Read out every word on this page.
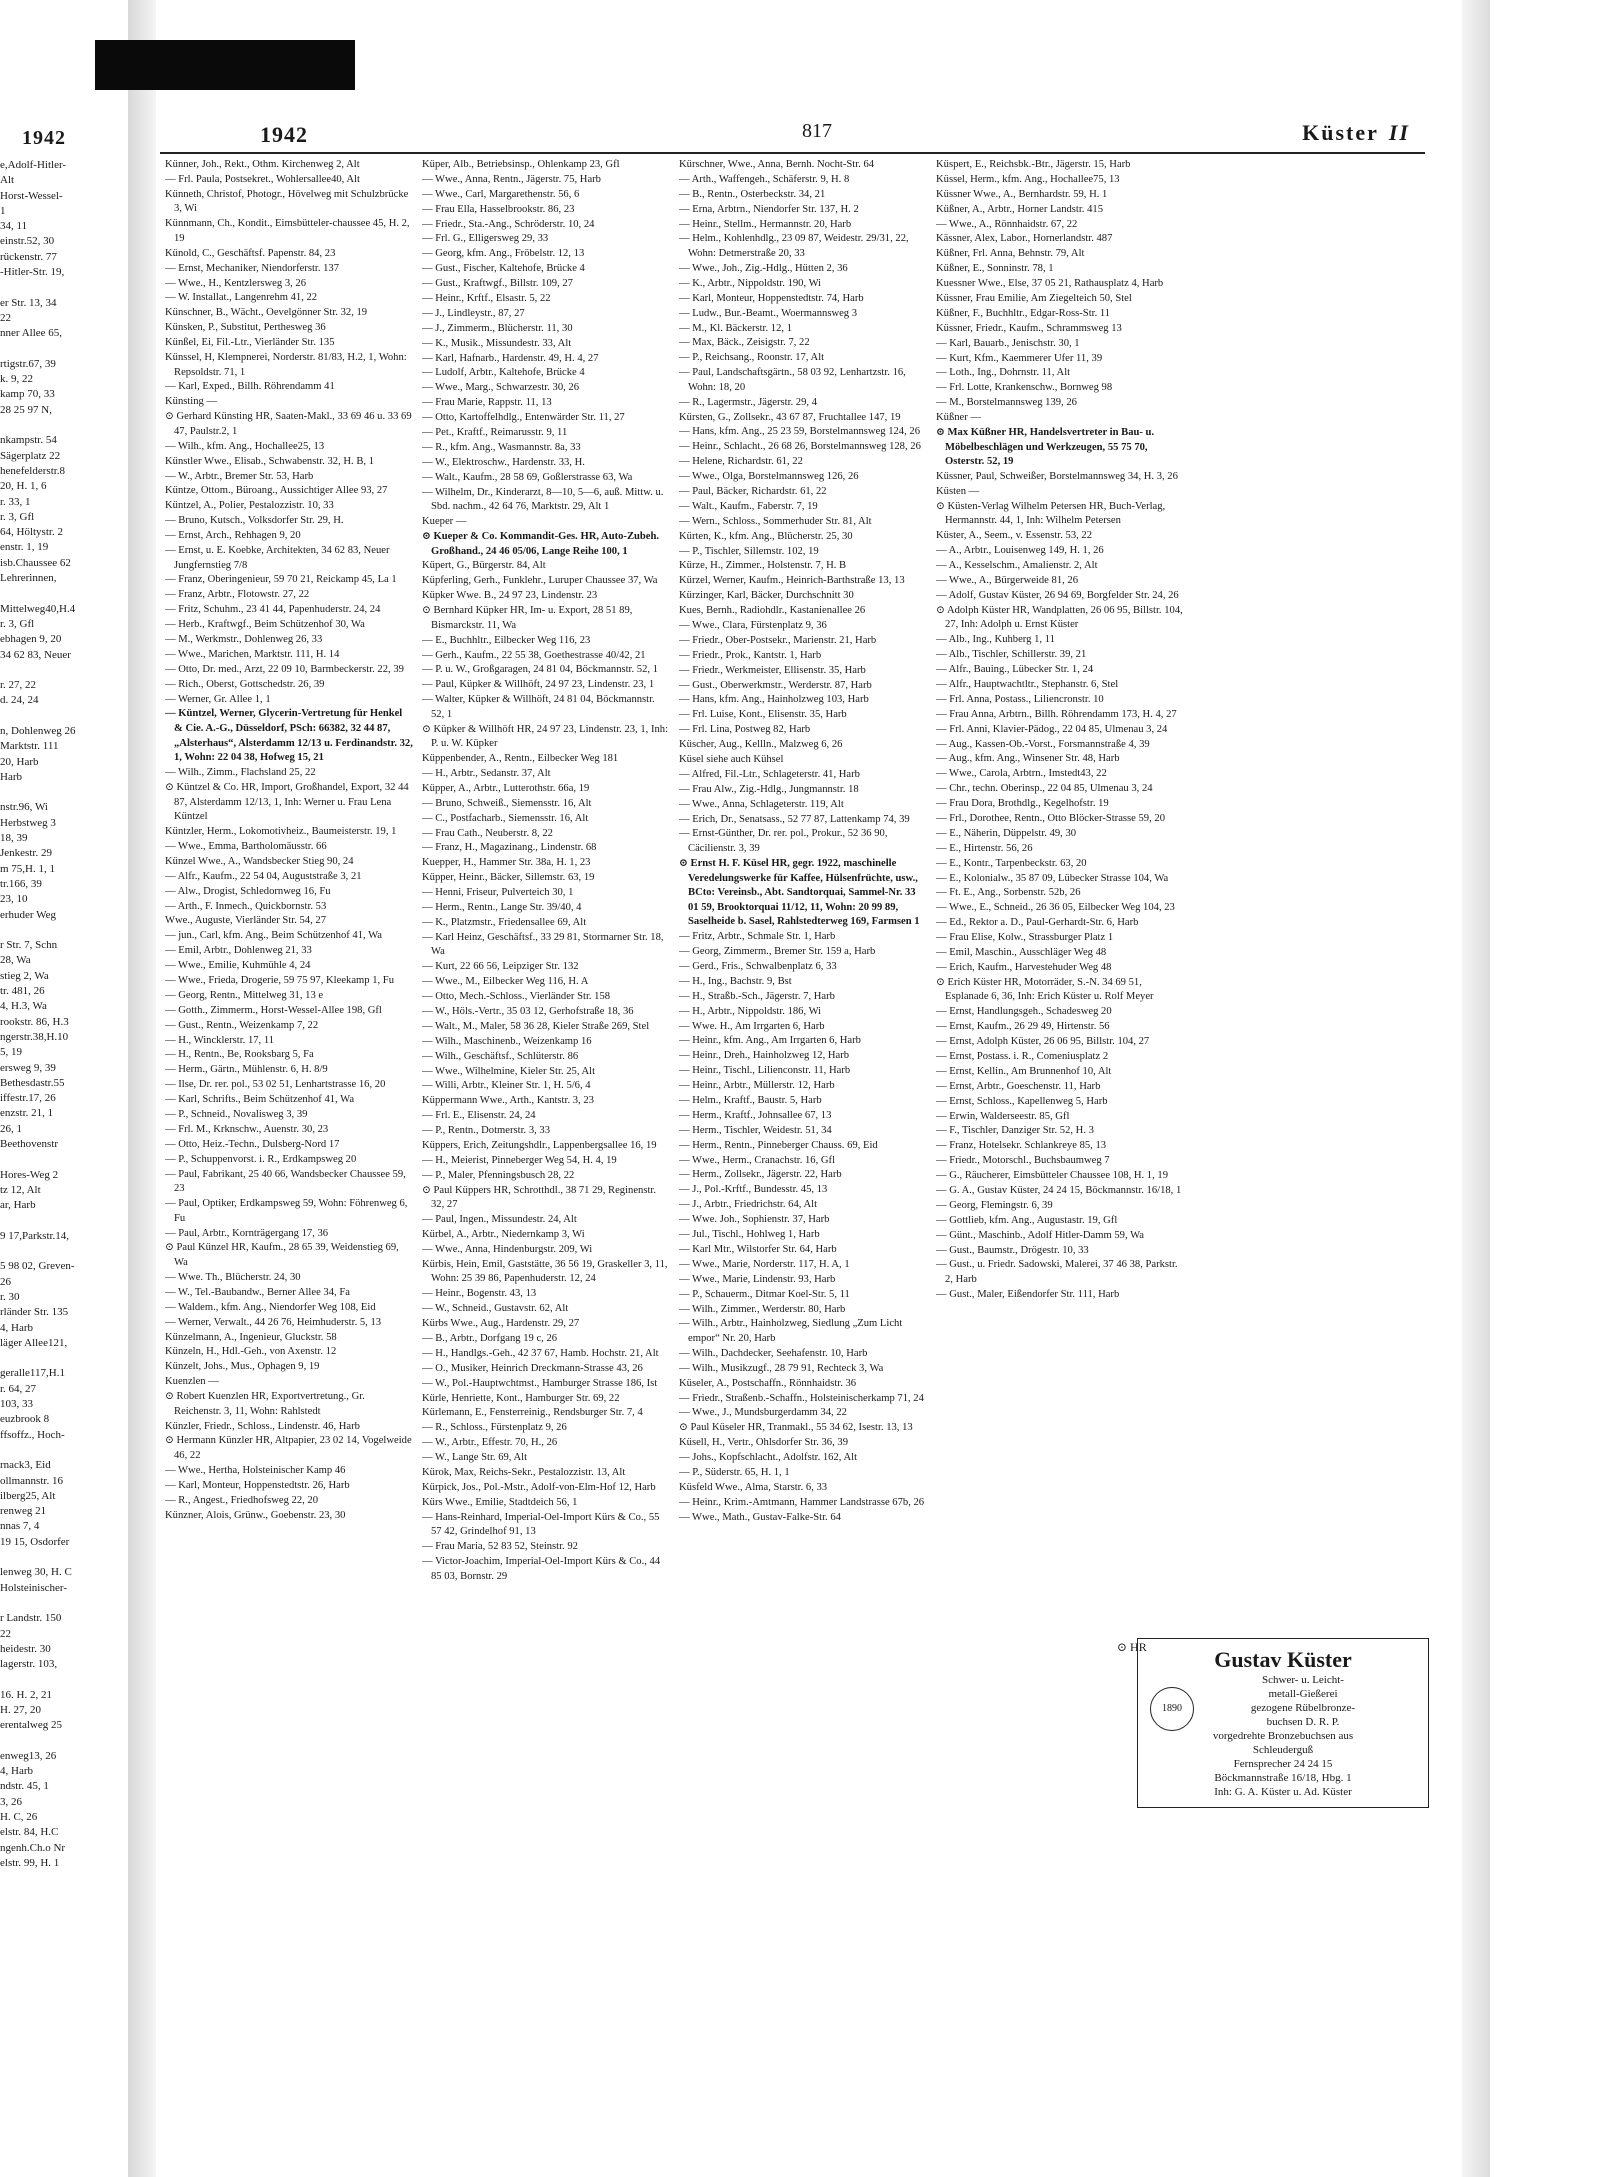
1942
e,Adolf-Hitler-
Alt
Horst-Wessel-
1
34, 11
einstr.52, 30
rückenstr. 77
-Hitler-Str. 19,

er Str. 13, 34
22
nner Allee 65,

rtigstr.67, 39
k. 9, 22
kamp 70, 33
28 25 97 N,

nkampstr. 54
Sägerplatz 22
henefelderstr.8
20, H. 1, 6
r. 33, 1
r. 3, Gfl
64, Höltystr. 2
enstr. 1, 19
isb.Chaussee 62
Lehrerinnen,

Mittelweg40,H.4
r. 3, Gfl
ebhagen 9, 20
34 62 83, Neuer

r. 27, 22
d. 24, 24

n, Dohlenweg 26
Marktstr. 111
20, Harb
Harb

nstr.96, Wi
Herbstweg 3
18, 39
Jenkestr. 29
m 75,H. 1, 1
tr.166, 39
23, 10
erhuder Weg

r Str. 7, Schn
28, Wa
stieg 2, Wa
tr. 481, 26
4, H.3, Wa
rookstr. 86, H.3
ngerstr.38,H.10
5, 19
ersweg 9, 39
Bethesdastr.55
iffestr.17, 26
enzstr. 21, 1
26, 1
Beethovenstr

Hores-Weg 2
tz 12, Alt
ar, Harb

9 17,Parkstr.14,

5 98 02, Greven-
26
r. 30
rländer Str. 135
4, Harb
läger Allee121,

geralle117,H.1
r. 64, 27
103, 33
euzbrook 8
ffsoffz., Hoch-

rnack3, Eid
ollmannstr. 16
ilberg25, Alt
renweg 21
nnas 7, 4
19 15, Osdorfer

lenweg 30, H. C
Holsteinischer-

r Landstr. 150
22
heidestr. 30
lagerstr. 103,

16. H. 2, 21
H. 27, 20
erentalweg 25

enweg13, 26
4, Harb
ndstr. 45, 1
3, 26
H. C, 26
elstr. 84, H.C
ngenh.Ch.o Nr
elstr. 99, H. 1
1942	817	Küster II
Künner, Joh., Rekt., Othm. Kirchenweg 2, Alt
— Frl. Paula, Postsekret., Wohlersallee40, Alt
Künneth, Christof, Photogr., Hövelweg mit Schulzbrücke 3, Wi
Künnmann, Ch., Kondit., Eimsbütteler-chaussee 45, H. 2, 19
Künold, C., Geschäftsf. Papenstr. 84, 23
— Ernst, Mechaniker, Niendorferstr. 137
— Wwe., H., Kentzlersweg 3, 26
— W. Installat., Langenrehm 41, 22
Künschner, B., Wächt., Oevelgönner Str. 32, 19
Künsken, P., Substitut, Perthesweg 36
Künßel, Ei, Fil.-Ltr., Vierländer Str. 135
Künssel, H, Klempnerei, Norderstr. 81/83, H.2, 1, Wohn: Repsoldstr. 71, 1
— Karl, Exped., Billh. Röhrendamm 41
Künsting —
⊙ Gerhard Künsting HR, Saaten-Makl., 33 69 46 u. 33 69 47, Paulstr.2, 1
— Wilh., kfm. Ang., Hochallee25, 13
Künstler Wwe., Elisab., Schwabenstr. 32, H. B, 1
— W., Arbtr., Bremer Str. 53, Harb
Küntze, Ottom., Büroang., Aussichtiger Allee 93, 27
Küntzel, A., Polier, Pestalozzistr. 10, 33
— Bruno, Kutsch., Volksdorfer Str. 29, H.
— Ernst, Arch., Rehhagen 9, 20
— Ernst, u. E. Koebke, Architekten, 34 62 83, Neuer Jungfernstieg 7/8
— Franz, Oberingenieur, 59 70 21, Reickamp 45, La 1
— Franz, Arbtr., Flotowstr. 27, 22
— Fritz, Schuhm., 23 41 44, Papenhuderstr. 24, 24
— Herb., Kraftwgf., Beim Schützenhof 30, Wa
— M., Werkmstr., Dohlenweg 26, 33
— Wwe., Marichen, Marktstr. 111, H. 14
— Otto, Dr. med., Arzt, 22 09 10, Barmbeckerstr. 22, 39
— Rich., Oberst, Gottschedstr. 26, 39
— Werner, Gr. Allee 1, 1
— Küntzel, Werner, Glycerin-Vertretung für Henkel & Cie. A.-G., Düsseldorf, PSch: 66382, 32 44 87, „Alsterhaus“, Alsterdamm 12/13 u. Ferdinandstr. 32, 1, Wohn: 22 04 38, Hofweg 15, 21
— Wilh., Zimm., Flachsland 25, 22
⊙ Küntzel & Co. HR, Import, Großhandel, Export, 32 44 87, Alsterdamm 12/13, 1, Inh: Werner u. Frau Lena Küntzel
Küntzler, Herm., Lokomotivheiz., Baumeisterstr. 19, 1
— Wwe., Emma, Bartholomäusstr. 66
Künzel Wwe., A., Wandsbecker Stieg 90, 24
— Alfr., Kaufm., 22 54 04, Auguststraße 3, 21
— Alw., Drogist, Schledornweg 16, Fu
— Arth., F. Inmech., Quickbornstr. 53
Wwe., Auguste, Vierländer Str. 54, 27
— jun., Carl, kfm. Ang., Beim Schützenhof 41, Wa
— Emil, Arbtr., Dohlenweg 21, 33
— Wwe., Emilie, Kuhmühle 4, 24
— Wwe., Frieda, Drogerie, 59 75 97, Kleekamp 1, Fu
— Georg, Rentn., Mittelweg 31, 13 e
— Gotth., Zimmerm., Horst-Wessel-Allee 198, Gfl
— Gust., Rentn., Weizenkamp 7, 22
— H., Wincklerstr. 17, 11
— H., Rentn., Be, Rooksbarg 5, Fa
— Herm., Gärtn., Mühlenstr. 6, H. 8/9
— Ilse, Dr. rer. pol., 53 02 51, Lenhartstrasse 16, 20
— Karl, Schrifts., Beim Schützenhof 41, Wa
— P., Schneid., Novalisweg 3, 39
— Frl. M., Krknschw., Auenstr. 30, 23
— Otto, Heiz.-Techn., Dulsberg-Nord 17
— P., Schuppenvorst. i. R., Erdkampsweg 20
— Paul, Fabrikant, 25 40 66, Wandsbecker Chaussee 59, 23
— Paul, Optiker, Erdkampsweg 59, Wohn: Föhrenweg 6, Fu
— Paul, Arbtr., Kornträgergang 17, 36
⊙ Paul Künzel HR, Kaufm., 28 65 39, Weidenstieg 69, Wa
— Wwe. Th., Blücherstr. 24, 30
— W., Tel.-Baubandw., Berner Allee 34, Fa
— Waldem., kfm. Ang., Niendorfer Weg 108, Eid
— Werner, Verwalt., 44 26 76, Heimhuderstr. 5, 13
Künzelmann, A., Ingenieur, Gluckstr. 58
Künzeln, H., Hdl.-Geh., von Axenstr. 12
Künzelt, Johs., Mus., Ophagen 9, 19
Kuenzlen —
⊙ Robert Kuenzlen HR, Exportvertretung., Gr. Reichenstr. 3, 11, Wohn: Rahlstedt
Künzler, Friedr., Schloss., Lindenstr. 46, Harb
⊙ Hermann Künzler HR, Altpapier, 23 02 14, Vogelweide 46, 22
— Wwe., Hertha, Holsteinischer Kamp 46
— Karl, Monteur, Hoppenstedtstr. 26, Harb
— R., Angest., Friedhofsweg 22, 20
Künzner, Alois, Grünw., Goebenstr. 23, 30
Küper, Alb., Betriebsinsp., Ohlenkamp 23, Gfl
— Wwe., Anna, Rentn., Jägerstr. 75, Harb
— Wwe., Carl, Margarethenstr. 56, 6
— Frau Ella, Hasselbrookstr. 86, 23
— Friedr., Sta.-Ang., Schröderstr. 10, 24
— Frl. G., Elligersweg 29, 33
— Georg, kfm. Ang., Fröbelstr. 12, 13
— Gust., Fischer, Kaltehofe, Brücke 4
— Gust., Kraftwgf., Billstr. 109, 27
— Heinr., Krftf., Elsastr. 5, 22
— J., Lindleystr., 87, 27
— J., Zimmerm., Blücherstr. 11, 30
— K., Musik., Missundestr. 33, Alt
— Karl, Hafnarb., Hardenstr. 49, H. 4, 27
— Ludolf, Arbtr., Kaltehofe, Brücke 4
— Wwe., Marg., Schwarzestr. 30, 26
— Frau Marie, Rappstr. 11, 13
— Otto, Kartoffelhdlg., Entenwärder Str. 11, 27
— Pet., Kraftf., Reimarusstr. 9, 11
— R., kfm. Ang., Wasmannstr. 8a, 33
— W., Elektroschw., Hardenstr. 33, H.
— Walt., Kaufm., 28 58 69, Goßlerstrasse 63, Wa
— Wilhelm, Dr., Kinderarzt, 8—10, 5—6, auß. Mittw. u. Sbd. nachm., 42 64 76, Marktstr. 29, Alt 1
Kueper —
⊙ Kueper & Co. Kommandit-Ges. HR, Auto-Zubeh. Großhand., 24 46 05/06, Lange Reihe 100, 1
Küpert, G., Bürgerstr. 84, Alt
Küpferling, Gerh., Funklehr., Luruper Chaussee 37, Wa
Küpker Wwe. B., 24 97 23, Lindenstr. 23
⊙ Bernhard Küpker HR, Im- u. Export, 28 51 89, Bismarckstr. 11, Wa
— E., Buchhltr., Eilbecker Weg 116, 23
— Gerh., Kaufm., 22 55 38, Goethestrasse 40/42, 21
— P. u. W., Großgaragen, 24 81 04, Böckmannstr. 52, 1
— Paul, Küpker & Willhöft, 24 97 23, Lindenstr. 23, 1
— Walter, Küpker & Willhöft, 24 81 04, Böckmannstr. 52, 1
⊙ Küpker & Willhöft HR, 24 97 23, Lindenstr. 23, 1, Inh: P. u. W. Küpker
Küppenbender, A., Rentn., Eilbecker Weg 181
— H., Arbtr., Sedanstr. 37, Alt
Küpper, A., Arbtr., Lutterothstr. 66a, 19
— Bruno, Schweiß., Siemensstr. 16, Alt
— C., Postfacharb., Siemensstr. 16, Alt
— Frau Cath., Neuberstr. 8, 22
— Franz, H., Magazinang., Lindenstr. 68
Kuepper, H., Hammer Str. 38a, H. 1, 23
Küpper, Heinr., Bäcker, Sillemstr. 63, 19
— Henni, Friseur, Pulverteich 30, 1
— Herm., Rentn., Lange Str. 39/40, 4
— K., Platzmstr., Friedensallee 69, Alt
— Karl Heinz, Geschäftsf., 33 29 81, Stormarner Str. 18, Wa
— Kurt, 22 66 56, Leipziger Str. 132
— Wwe., M., Eilbecker Weg 116, H. A
— Otto, Mech.-Schloss., Vierländer Str. 158
— W., Höls.-Vertr., 35 03 12, Gerhofstraße 18, 36
— Walt., M., Maler, 58 36 28, Kieler Straße 269, Stel
— Wilh., Maschinenb., Weizenkamp 16
— Wilh., Geschäftsf., Schlüterstr. 86
— Wwe., Wilhelmine, Kieler Str. 25, Alt
— Willi, Arbtr., Kleiner Str. 1, H. 5/6, 4
Küppermann Wwe., Arth., Kantstr. 3, 23
— Frl. E., Elisenstr. 24, 24
— P., Rentn., Dotmerstr. 3, 33
Küppers, Erich, Zeitungshdlr., Lappenbergsallee 16, 19
— H., Meierist, Pinneberger Weg 54, H. 4, 19
— P., Maler, Pfenningsbusch 28, 22
⊙ Paul Küppers HR, Schrotthdl., 38 71 29, Reginenstr. 32, 27
— Paul, Ingen., Missundestr. 24, Alt
Kürbel, A., Arbtr., Niedernkamp 3, Wi
— Wwe., Anna, Hindenburgstr. 209, Wi
Kürbis, Hein, Emil, Gaststätte, 36 56 19, Graskeller 3, 11, Wohn: 25 39 86, Papenhuderstr. 12, 24
— Heinr., Bogenstr. 43, 13
— W., Schneid., Gustavstr. 62, Alt
Kürbs Wwe., Aug., Hardenstr. 29, 27
— B., Arbtr., Dorfgang 19 c, 26
— H., Handlgs.-Geh., 42 37 67, Hamb. Hochstr. 21, Alt
— O., Musiker, Heinrich Dreckmann-Strasse 43, 26
— W., Pol.-Hauptwchtmst., Hamburger Strasse 186, Ist
Kürle, Henriette, Kont., Hamburger Str. 69, 22
Kürlemann, E., Fensterreinig., Rendsburger Str. 7, 4
— R., Schloss., Fürstenplatz 9, 26
— W., Arbtr., Effestr. 70, H., 26
— W., Lange Str. 69, Alt
Kürok, Max, Reichs-Sekr., Pestalozzistr. 13, Alt
Kürpick, Jos., Pol.-Mstr., Adolf-von-Elm-Hof 12, Harb
Kürs Wwe., Emilie, Stadtdeich 56, 1
— Hans-Reinhard, Imperial-Oel-Import Kürs & Co., 55 57 42, Grindelhof 91, 13
— Frau Maria, 52 83 52, Steinstr. 92
— Victor-Joachim, Imperial-Oel-Import Kürs & Co., 44 85 03, Bornstr. 29
Kürschner, Wwe., Anna, Bernh. Nocht-Str. 64
— Arth., Waffengeh., Schäferstr. 9, H. 8
— B., Rentn., Osterbeckstr. 34, 21
— Erna, Arbtrn., Niendorfer Str. 137, H. 2
— Heinr., Stellm., Hermannstr. 20, Harb
— Helm., Kohlenhdlg., 23 09 87, Weidestr. 29/31, 22, Wohn: Detmerstraße 20, 33
— Wwe., Joh., Zig.-Hdlg., Hütten 2, 36
— K., Arbtr., Nippoldstr. 190, Wi
— Karl, Monteur, Hoppenstedtstr. 74, Harb
— Ludw., Bur.-Beamt., Woermannsweg 3
— M., Kl. Bäckerstr. 12, 1
— Max, Bäck., Zeisigstr. 7, 22
— P., Reichsang., Roonstr. 17, Alt
— Paul, Landschaftsgärtn., 58 03 92, Lenhartzstr. 16, Wohn: 18, 20
— R., Lagermstr., Jägerstr. 29, 4
Kürsten, G., Zollsekr., 43 67 87, Fruchtallee 147, 19
— Hans, kfm. Ang., 25 23 59, Borstelmannsweg 124, 26
— Heinr., Schlacht., 26 68 26, Borstelmannsweg 128, 26
— Helene, Richardstr. 61, 22
— Wwe., Olga, Borstelmannsweg 126, 26
— Paul, Bäcker, Richardstr. 61, 22
— Walt., Kaufm., Faberstr. 7, 19
— Wern., Schloss., Sommerhuder Str. 81, Alt
Kürten, K., kfm. Ang., Blücherstr. 25, 30
— P., Tischler, Sillemstr. 102, 19
Kürze, H., Zimmer., Holstenstr. 7, H. B
Kürzel, Werner, Kaufm., Heinrich-Barthstraße 13, 13
Kürzinger, Karl, Bäcker, Durchschnitt 30
Kues, Bernh., Radiohdlr., Kastanienallee 26
— Wwe., Clara, Fürstenplatz 9, 36
— Friedr., Ober-Postsekr., Marienstr. 21, Harb
— Friedr., Prok., Kantstr. 1, Harb
— Friedr., Werkmeister, Ellisenstr. 35, Harb
— Gust., Oberwerkmstr., Werderstr. 87, Harb
— Hans, kfm. Ang., Hainholzweg 103, Harb
— Frl. Luise, Kont., Elisenstr. 35, Harb
— Frl. Lina, Postweg 82, Harb
Küscher, Aug., Kellln., Malzweg 6, 26
Küsel siehe auch Kühsel
— Alfred, Fil.-Ltr., Schlageterstr. 41, Harb
— Frau Alw., Zig.-Hdlg., Jungmannstr. 18
— Wwe., Anna, Schlageterstr. 119, Alt
— Erich, Dr., Senatsass., 52 77 87, Lattenkamp 74, 39
— Ernst-Günther, Dr. rer. pol., Prokur., 52 36 90, Cäcilienstr. 3, 39
⊙ Ernst H. F. Küsel HR, gegr. 1922, maschinelle Veredelungswerke für Kaffee, Hülsenfrüchte, usw., BCto: Vereinsb., Abt. Sandtorquai, Sammel-Nr. 33 01 59, Brooktorquai 11/12, 11, Wohn: 20 99 89, Saselheide b. Sasel, Rahlstedterweg 169, Farmsen 1
— Fritz, Arbtr., Schmale Str. 1, Harb
— Georg, Zimmerm., Bremer Str. 159 a, Harb
— Gerd., Fris., Schwalbenplatz 6, 33
— H., Ing., Bachstr. 9, Bst
— H., Straßb.-Sch., Jägerstr. 7, Harb
— H., Arbtr., Nippoldstr. 186, Wi
— Wwe. H., Am Irrgarten 6, Harb
— Heinr., kfm. Ang., Am Irrgarten 6, Harb
— Heinr., Dreh., Hainholzweg 12, Harb
— Heinr., Tischl., Lilienconstr. 11, Harb
— Heinr., Arbtr., Müllerstr. 12, Harb
— Helm., Kraftf., Baustr. 5, Harb
— Herm., Kraftf., Johnsallee 67, 13
— Herm., Tischler, Weidestr. 51, 34
— Herm., Rentn., Pinneberger Chauss. 69, Eid
— Wwe., Herm., Cranachstr. 16, Gfl
— Herm., Zollsekr., Jägerstr. 22, Harb
— J., Pol.-Krftf., Bundesstr. 45, 13
— J., Arbtr., Friedrichstr. 64, Alt
— Wwe. Joh., Sophienstr. 37, Harb
— Jul., Tischl., Hohlweg 1, Harb
— Karl Mtr., Wilstorfer Str. 64, Harb
— Wwe., Marie, Norderstr. 117, H. A, 1
— Wwe., Marie, Lindenstr. 93, Harb
— P., Schauerm., Ditmar Koel-Str. 5, 11
— Wilh., Zimmer., Werderstr. 80, Harb
— Wilh., Arbtr., Hainholzweg, Siedlung „Zum Licht empor“ Nr. 20, Harb
— Wilh., Dachdecker, Seehafenstr. 10, Harb
— Wilh., Musikzugf., 28 79 91, Rechteck 3, Wa
Küseler, A., Postschaffn., Rönnhaidstr. 36
— Friedr., Straßenb.-Schaffn., Holsteinischerkamp 71, 24
— Wwe., J., Mundsburgerdamm 34, 22
⊙ Paul Küseler HR, Tranmakl., 55 34 62, Isestr. 13, 13
Küsell, H., Vertr., Ohlsdorfer Str. 36, 39
— Johs., Kopfschlacht., Adolfstr. 162, Alt
— P., Süderstr. 65, H. 1, 1
Küsfeld Wwe., Alma, Starstr. 6, 33
— Heinr., Krim.-Amtmann, Hammer Landstrasse 67b, 26
— Wwe., Math., Gustav-Falke-Str. 64
Küspert, E., Reichsbk.-Btr., Jägerstr. 15, Harb
Küssel, Herm., kfm. Ang., Hochallee75, 13
Küssner Wwe., A., Bernhardstr. 59, H. 1
Küßner, A., Arbtr., Horner Landstr. 415
— Wwe., A., Rönnhaidstr. 67, 22
Kässner, Alex, Labor., Hornerlandstr. 487
Küßner, Frl. Anna, Behnstr. 79, Alt
Küßner, E., Sonninstr. 78, 1
Kuessner Wwe., Else, 37 05 21, Rathausplatz 4, Harb
Küssner, Frau Emilie, Am Ziegelteich 50, Stel
Küßner, F., Buchhltr., Edgar-Ross-Str. 11
Küssner, Friedr., Kaufm., Schrammsweg 13
— Karl, Bauarb., Jenischstr. 30, 1
— Kurt, Kfm., Kaemmerer Ufer 11, 39
— Loth., Ing., Dohrnstr. 11, Alt
— Frl. Lotte, Krankenschw., Bornweg 98
— M., Borstelmannsweg 139, 26
Küßner —
⊙ Max Küßner HR, Handelsvertreter in Bau- u. Möbelbeschlägen und Werkzeugen, 55 75 70, Osterstr. 52, 19
Küssner, Paul, Schweißer, Borstelmannsweg 34, H. 3, 26
Küsten —
⊙ Küsten-Verlag Wilhelm Petersen HR, Buch-Verlag, Hermannstr. 44, 1, Inh: Wilhelm Petersen
Küster, A., Seem., v. Essenstr. 53, 22
— A., Arbtr., Louisenweg 149, H. 1, 26
— A., Kesselschm., Amalienstr. 2, Alt
— Wwe., A., Bürgerweide 81, 26
— Adolf, Gustav Küster, 26 94 69, Borgfelder Str. 24, 26
⊙ Adolph Küster HR, Wandplatten, 26 06 95, Billstr. 104, 27, Inh: Adolph u. Ernst Küster
— Alb., Ing., Kuhberg 1, 11
— Alb., Tischler, Schillerstr. 39, 21
— Alfr., Bauing., Lübecker Str. 1, 24
— Alfr., Hauptwachtltr., Stephanstr. 6, Stel
— Frl. Anna, Postass., Liliencronstr. 10
— Frau Anna, Arbtrn., Billh. Röhrendamm 173, H. 4, 27
— Frl. Anni, Klavier-Pädog., 22 04 85, Ulmenau 3, 24
— Aug., Kassen-Ob.-Vorst., Forsmannstraße 4, 39
— Aug., kfm. Ang., Winsener Str. 48, Harb
— Wwe., Carola, Arbtrn., Imstedt43, 22
— Chr., techn. Oberinsp., 22 04 85, Ulmenau 3, 24
— Frau Dora, Brothdlg., Kegelhofstr. 19
— Frl., Dorothee, Rentn., Otto Blöcker-Strasse 59, 20
— E., Näherin, Düppelstr. 49, 30
— E., Hirtenstr. 56, 26
— E., Kontr., Tarpenbeckstr. 63, 20
— E., Kolonialw., 35 87 09, Lübecker Strasse 104, Wa
— Ft. E., Ang., Sorbenstr. 52b, 26
— Wwe., E., Schneid., 26 36 05, Eilbecker Weg 104, 23
— Ed., Rektor a. D., Paul-Gerhardt-Str. 6, Harb
— Frau Elise, Kolw., Strassburger Platz 1
— Emil, Maschin., Ausschläger Weg 48
— Erich, Kaufm., Harvestehuder Weg 48
⊙ Erich Küster HR, Motorräder, S.-N. 34 69 51, Esplanade 6, 36, Inh: Erich Küster u. Rolf Meyer
— Ernst, Handlungsgeh., Schadesweg 20
— Ernst, Kaufm., 26 29 49, Hirtenstr. 56
— Ernst, Adolph Küster, 26 06 95, Billstr. 104, 27
— Ernst, Postass. i. R., Comeniusplatz 2
— Ernst, Kellin., Am Brunnenhof 10, Alt
— Ernst, Arbtr., Goeschenstr. 11, Harb
— Ernst, Schloss., Kapellenweg 5, Harb
— Erwin, Walderseestr. 85, Gfl
— F., Tischler, Danziger Str. 52, H. 3
— Franz, Hotelsekr. Schlankreye 85, 13
— Friedr., Motorschl., Buchsbaumweg 7
— G., Räucherer, Eimsbütteler Chaussee 108, H. 1, 19
— G. A., Gustav Küster, 24 24 15, Böckmannstr. 16/18, 1
— Georg, Flemingstr. 6, 39
— Gottlieb, kfm. Ang., Augustastr. 19, Gfl
— Günt., Maschinb., Adolf Hitler-Damm 59, Wa
— Gust., Baumstr., Drögestr. 10, 33
— Gust., u. Friedr. Sadowski, Malerei, 37 46 38, Parkstr. 2, Harb
— Gust., Maler, Eißendorfer Str. 111, Harb
⊙ HR	Gustav Küster
1890
Schwer- u. Leicht-
metall-Gießerei
gezogene Rübelbronze-
buchsen D. R. P.
vorgedrehte Bronzebuchsen aus
Schleuderguß
Fernsprecher 24 24 15
Böckmannstraße 16/18, Hbg. 1
Inh: G. A. Küster u. Ad. Küster
